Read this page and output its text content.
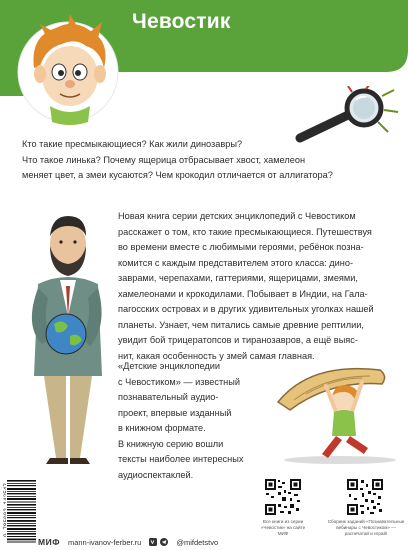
Чевостик

Кто такие пресмыкающиеся? Как жили динозавры?

Что такое линька? Почему ящерица отбрасывает хвост, хамелеон

меняет цвет, а змеи кусаются? Чем крокодил отличается от аллигатора?

Новая книга серии детских энциклопедий с Чевостиком

расскажет о том, кто такие пресмыкающиеся. Путешествуя

во времени вместе с любимыми героями, ребёнок позна-

комится с каждым представителем этого класса: дино-

заврами, черепахами, гаттериями, ящерицами, змеями,

хамелеонами и крокодилами. Побывает в Индии, на Гала-

пагосских островах и в других удивительных уголках нашей

планеты. Узнает, чем питались самые древние рептилии,

увидит бой трицератопсов и тиранозавров, а ещё выяс-

нит, какая особенность у змей самая главная.

«Детские энциклопедии

с Чевостиком» — известный

познавательный аудио-

проект, впервые изданный

в книжном формате.

В книжную серию вошли

тексты наиболее интересных

аудиоспектаклей.

Все книги из серии «Чевостик» на сайте МИФ
Сборник заданий «Познавательные вебинары с Чевостиком» — распечатай и играй!
МИФ mann-ivanov-ferber.ru	@mifdetstvo
